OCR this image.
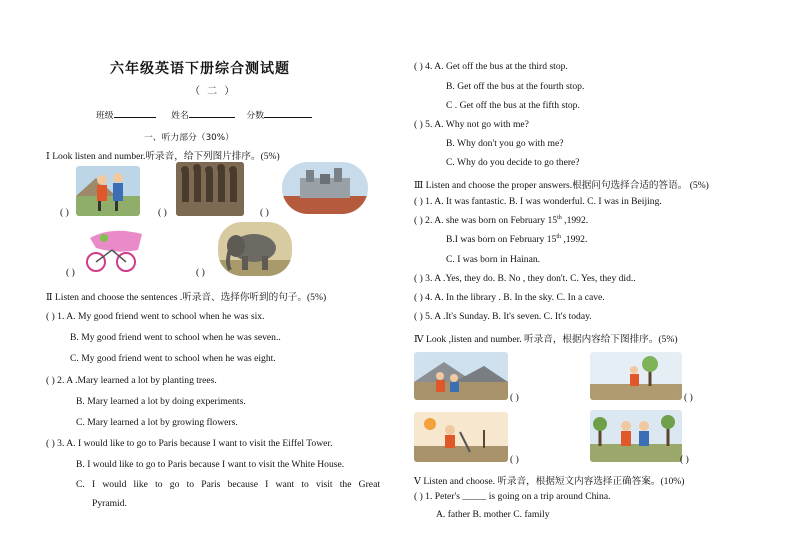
六年级英语下册综合测试题
（ 二 ）
班级	姓名	分数
一、听力部分（30%）
Ⅰ Look listen and number.听录音，给下列图片排序。(5%)
( )	( )	( )
( )	( )
Ⅱ Listen and choose the sentences .听录音、选择你听到的句子。(5%)
( ) 1. A. My good friend went to school when he was six.
B. My good friend went to school when he was seven..
C. My good friend went to school when he was eight.
( ) 2. A .Mary learned a lot by planting trees.
B. Mary learned a lot by doing experiments.
C. Mary learned a lot by growing flowers.
( ) 3. A. I would like to go to Paris because I want to visit the Eiffel Tower.
B. I would like to go to Paris because I want to visit the White House.
C. I would like to go to Paris because I want to visit the Great
Pyramid.
( ) 4. A. Get off the bus at the third stop.
B. Get off the bus at the fourth stop.
C . Get off the bus at the fifth stop.
( ) 5. A. Why not go with me?
B. Why don't you go with me?
C. Why do you decide to go there?
Ⅲ Listen and choose the proper answers.根据问句选择合适的答语。 (5%)
( ) 1. A. It was fantastic. B. I was wonderful. C. I was in Beijing.
( ) 2. A. she was born on February 15th ,1992.
B.I was born on February 15th ,1992.
C. I was born in Hainan.
( ) 3. A .Yes, they do. B. No , they don't. C. Yes, they did..
( ) 4. A. In the library . B. In the sky. C. In a cave.
( ) 5. A .It's Sunday. B. It's seven. C. It's today.
Ⅳ Look ,listen and number. 听录音，根据内容给下图排序。(5%)
( )	( )
( )	( )
Ⅴ Listen and choose. 听录音，根据短文内容选择正确答案。(10%)
( ) 1. Peter's _____ is going on a trip around China.
A. father B. mother C. family
